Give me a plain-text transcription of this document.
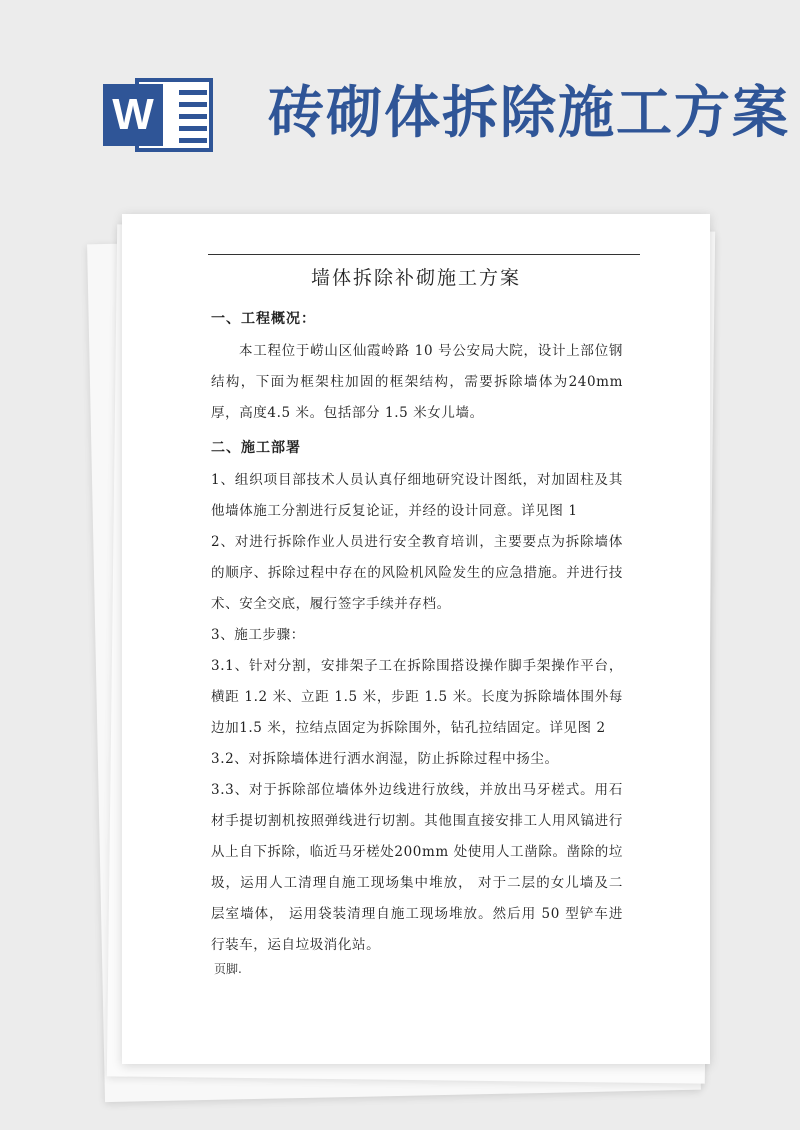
W 砖砌体拆除施工方案
墙体拆除补砌施工方案
一、工程概况：

本工程位于崂山区仙霞岭路 10 号公安局大院，设计上部位钢结构，下面为框架柱加固的框架结构，需要拆除墙体为240mm 厚，高度4.5 米。包括部分 1.5 米女儿墙。

二、施工部署

1、组织项目部技术人员认真仔细地研究设计图纸，对加固柱及其他墙体施工分割进行反复论证，并经的设计同意。详见图 1

2、对进行拆除作业人员进行安全教育培训，主要要点为拆除墙体的顺序、拆除过程中存在的风险机风险发生的应急措施。并进行技术、安全交底，履行签字手续并存档。

3、施工步骤：

3.1、针对分割，安排架子工在拆除围搭设操作脚手架操作平台，横距 1.2 米、立距 1.5 米，步距 1.5 米。长度为拆除墙体围外每边加1.5 米，拉结点固定为拆除围外，钻孔拉结固定。详见图 2

3.2、对拆除墙体进行洒水润湿，防止拆除过程中扬尘。

3.3、对于拆除部位墙体外边线进行放线，并放出马牙槎式。用石材手提切割机按照弹线进行切割。其他围直接安排工人用风镐进行从上自下拆除，临近马牙槎处200mm 处使用人工凿除。凿除的垃圾，运用人工清理自施工现场集中堆放， 对于二层的女儿墙及二层室墙体， 运用袋装清理自施工现场堆放。然后用 50 型铲车进行装车，运自垃圾消化站。

页脚.
